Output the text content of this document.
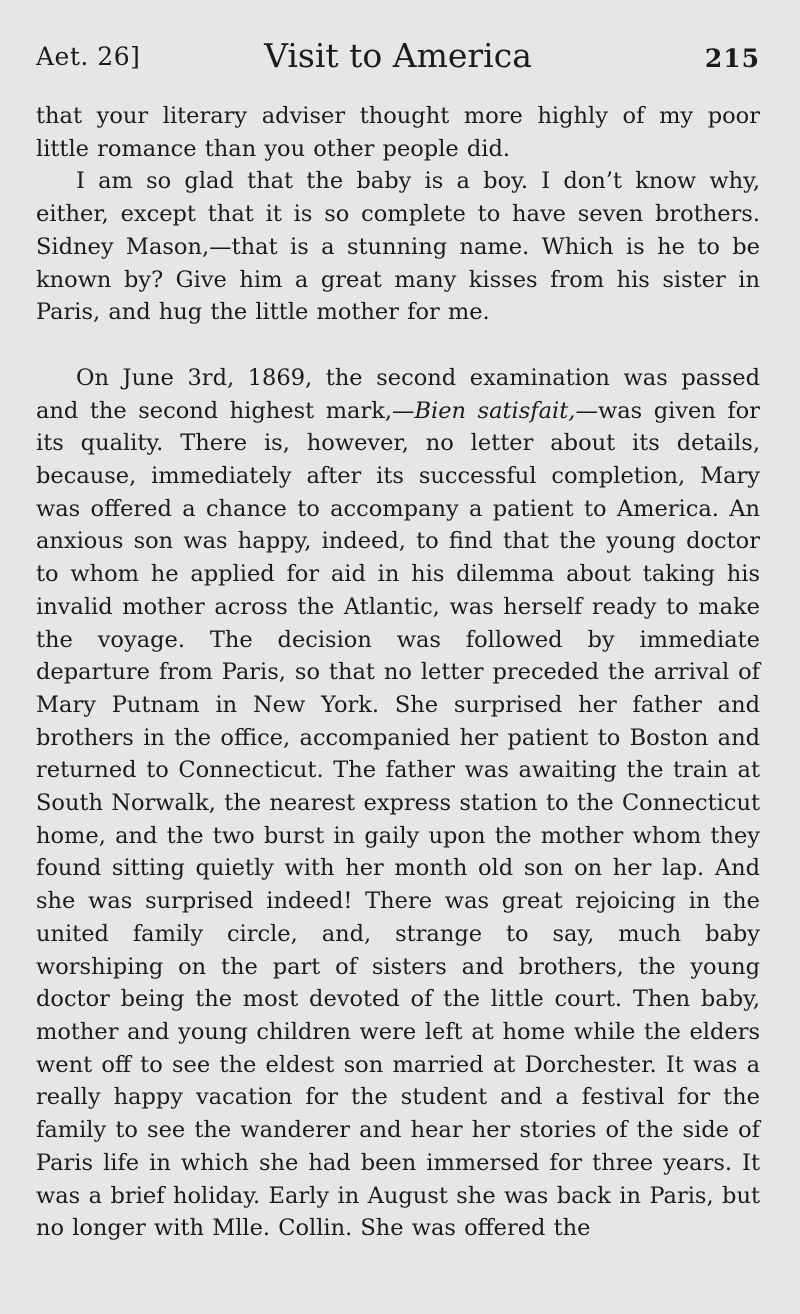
Aet. 26]	Visit to America	215

that your literary adviser thought more highly of my poor little romance than you other people did.

I am so glad that the baby is a boy. I don’t know why, either, except that it is so complete to have seven brothers. Sidney Mason,—that is a stunning name. Which is he to be known by? Give him a great many kisses from his sister in Paris, and hug the little mother for me.

On June 3rd, 1869, the second examination was passed and the second highest mark,—Bien satisfait,—was given for its quality. There is, however, no letter about its details, because, immediately after its successful completion, Mary was offered a chance to accompany a patient to America. An anxious son was happy, indeed, to find that the young doctor to whom he applied for aid in his dilemma about taking his invalid mother across the Atlantic, was herself ready to make the voyage. The decision was followed by immediate departure from Paris, so that no letter preceded the arrival of Mary Putnam in New York. She surprised her father and brothers in the office, accompanied her patient to Boston and returned to Connecticut. The father was awaiting the train at South Norwalk, the nearest express station to the Connecticut home, and the two burst in gaily upon the mother whom they found sitting quietly with her month old son on her lap. And she was surprised indeed! There was great rejoicing in the united family circle, and, strange to say, much baby worshiping on the part of sisters and brothers, the young doctor being the most devoted of the little court. Then baby, mother and young children were left at home while the elders went off to see the eldest son married at Dorchester. It was a really happy vacation for the student and a festival for the family to see the wanderer and hear her stories of the side of Paris life in which she had been immersed for three years. It was a brief holiday. Early in August she was back in Paris, but no longer with Mlle. Collin. She was offered the
